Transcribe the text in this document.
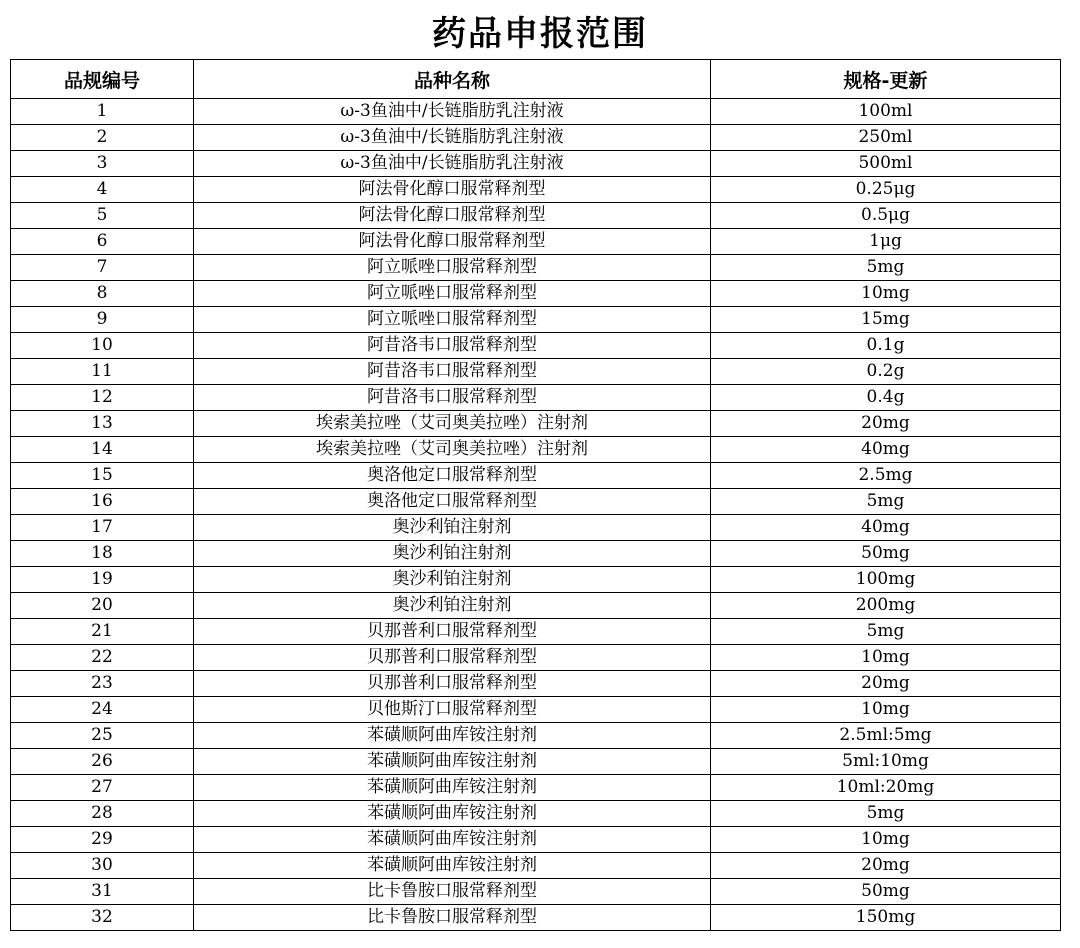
药品申报范围
品规编号	品种名称	规格-更新
1	ω-3鱼油中/长链脂肪乳注射液	100ml
2	ω-3鱼油中/长链脂肪乳注射液	250ml
3	ω-3鱼油中/长链脂肪乳注射液	500ml
4	阿法骨化醇口服常释剂型	0.25μg
5	阿法骨化醇口服常释剂型	0.5μg
6	阿法骨化醇口服常释剂型	1μg
7	阿立哌唑口服常释剂型	5mg
8	阿立哌唑口服常释剂型	10mg
9	阿立哌唑口服常释剂型	15mg
10	阿昔洛韦口服常释剂型	0.1g
11	阿昔洛韦口服常释剂型	0.2g
12	阿昔洛韦口服常释剂型	0.4g
13	埃索美拉唑（艾司奥美拉唑）注射剂	20mg
14	埃索美拉唑（艾司奥美拉唑）注射剂	40mg
15	奥洛他定口服常释剂型	2.5mg
16	奥洛他定口服常释剂型	5mg
17	奥沙利铂注射剂	40mg
18	奥沙利铂注射剂	50mg
19	奥沙利铂注射剂	100mg
20	奥沙利铂注射剂	200mg
21	贝那普利口服常释剂型	5mg
22	贝那普利口服常释剂型	10mg
23	贝那普利口服常释剂型	20mg
24	贝他斯汀口服常释剂型	10mg
25	苯磺顺阿曲库铵注射剂	2.5ml:5mg
26	苯磺顺阿曲库铵注射剂	5ml:10mg
27	苯磺顺阿曲库铵注射剂	10ml:20mg
28	苯磺顺阿曲库铵注射剂	5mg
29	苯磺顺阿曲库铵注射剂	10mg
30	苯磺顺阿曲库铵注射剂	20mg
31	比卡鲁胺口服常释剂型	50mg
32	比卡鲁胺口服常释剂型	150mg
